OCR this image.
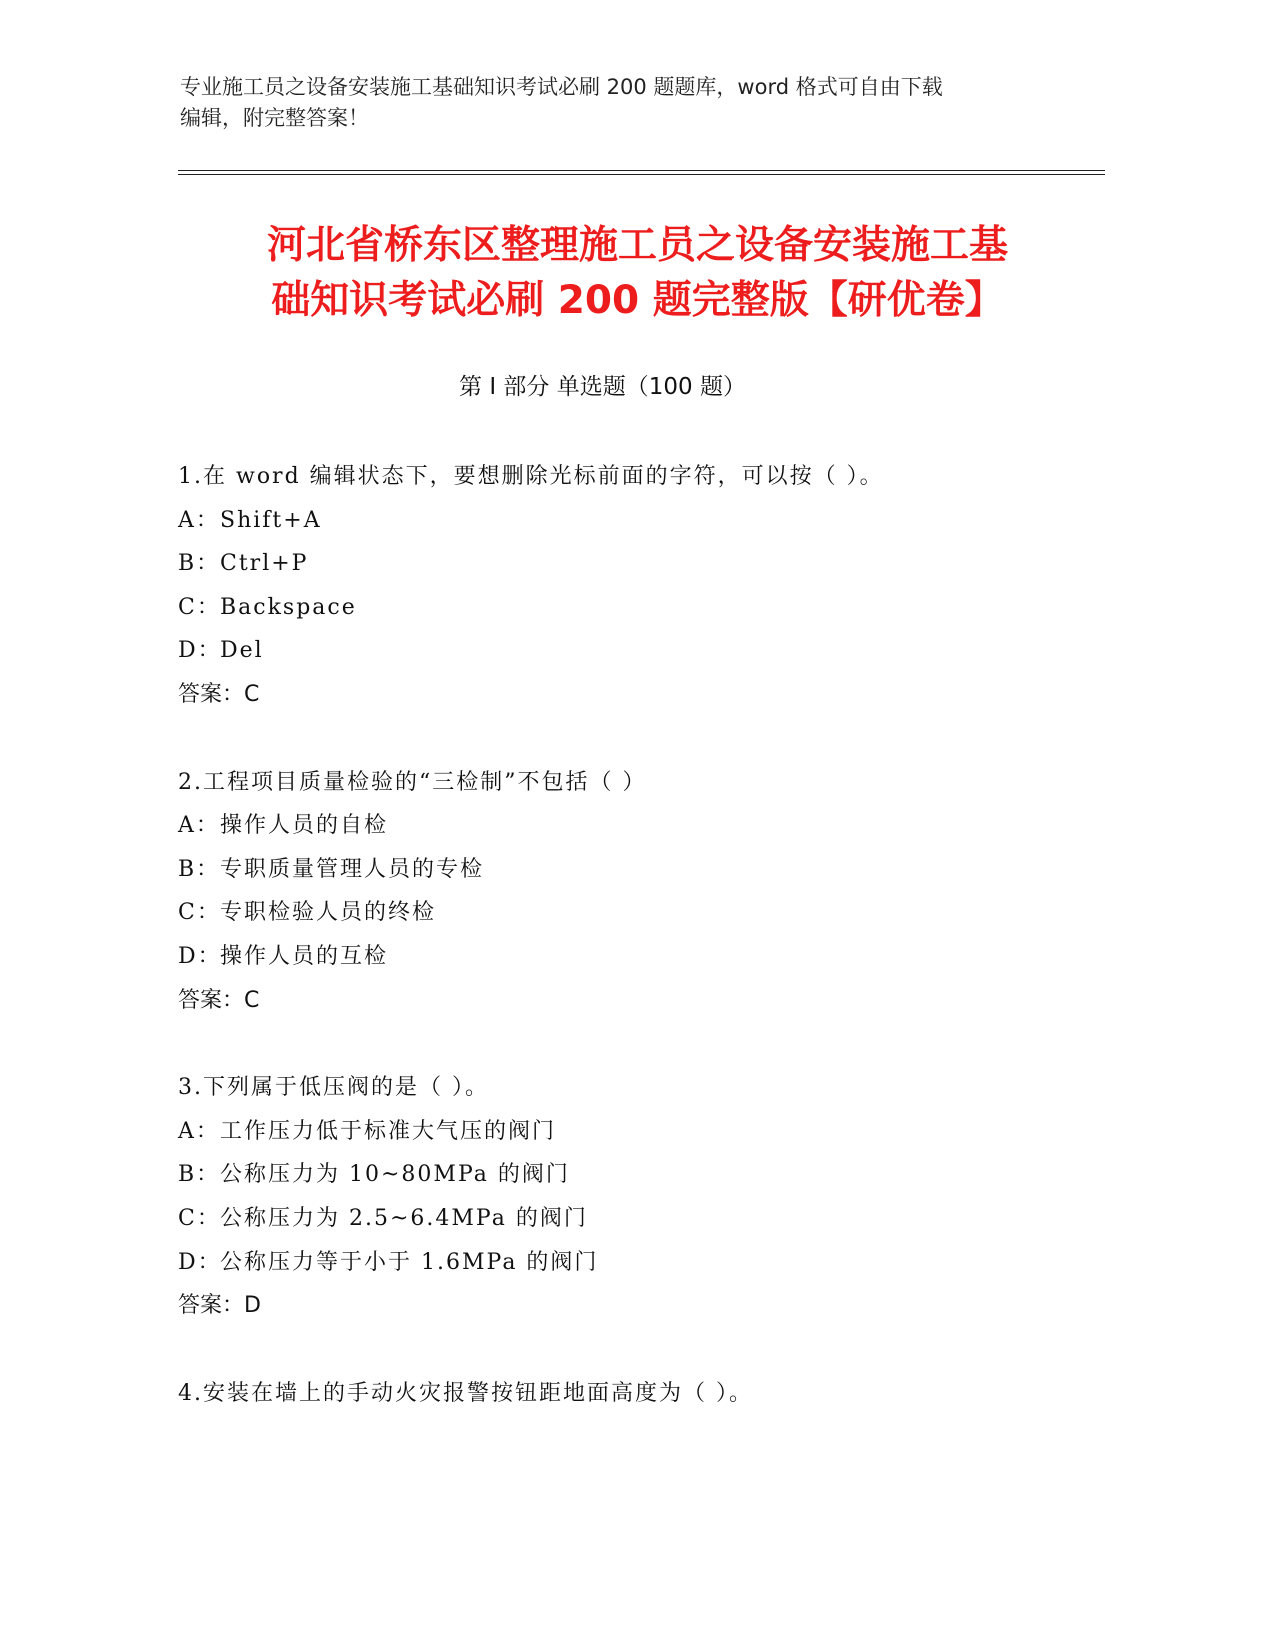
专业施工员之设备安装施工基础知识考试必刷 200 题题库，word 格式可自由下载
编辑，附完整答案！
河北省桥东区整理施工员之设备安装施工基
础知识考试必刷 200 题完整版【研优卷】
第 I 部分 单选题（100 题）
1.在 word 编辑状态下，要想删除光标前面的字符，可以按（ ）。
A：Shift+A
B：Ctrl+P
C：Backspace
D：Del
答案：C
2.工程项目质量检验的“三检制”不包括（ ）
A：操作人员的自检
B：专职质量管理人员的专检
C：专职检验人员的终检
D：操作人员的互检
答案：C
3.下列属于低压阀的是（ ）。
A：工作压力低于标准大气压的阀门
B：公称压力为 10~80MPa 的阀门
C：公称压力为 2.5~6.4MPa 的阀门
D：公称压力等于小于 1.6MPa 的阀门
答案：D
4.安装在墙上的手动火灾报警按钮距地面高度为（ ）。
